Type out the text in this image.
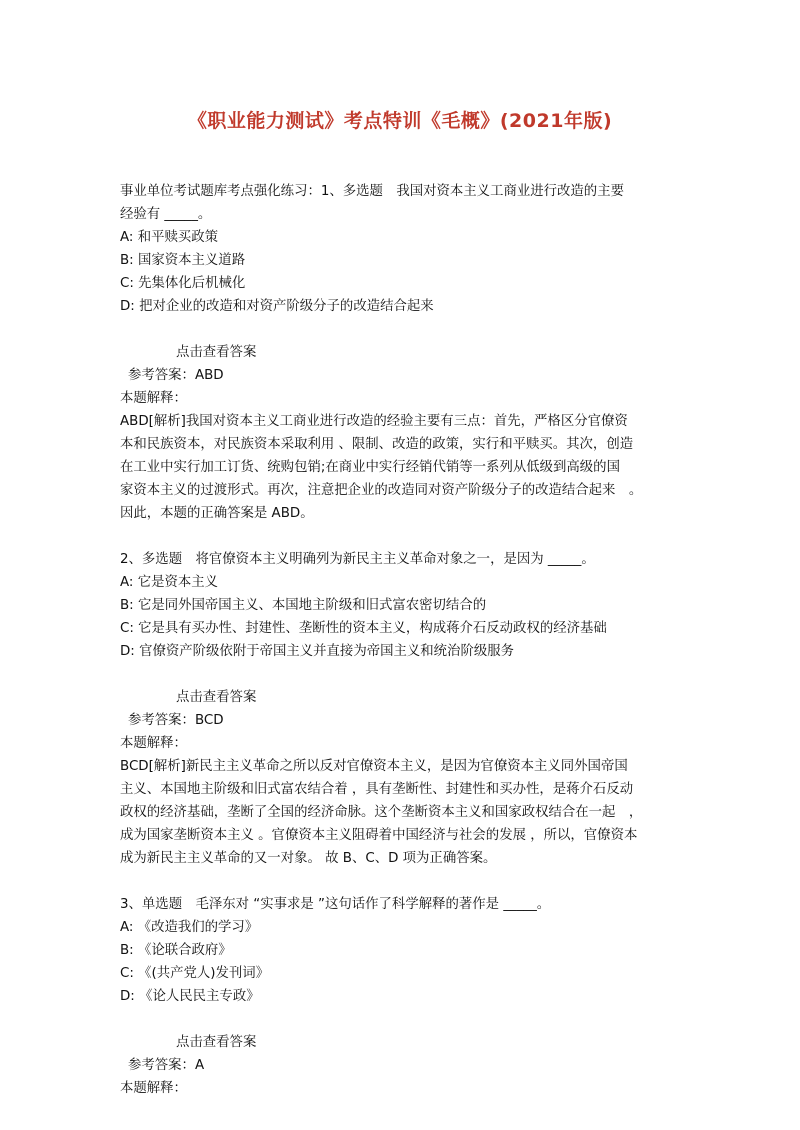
《职业能力测试》考点特训《毛概》(2021年版)
事业单位考试题库考点强化练习：1、多选题　我国对资本主义工商业进行改造的主要
经验有 _____。
A: 和平赎买政策
B: 国家资本主义道路
C: 先集体化后机械化
D: 把对企业的改造和对资产阶级分子的改造结合起来
点击查看答案
参考答案：ABD
本题解释：
ABD[解析]我国对资本主义工商业进行改造的经验主要有三点：首先，严格区分官僚资
本和民族资本，对民族资本采取利用 、限制、改造的政策，实行和平赎买。其次，创造
在工业中实行加工订货、统购包销;在商业中实行经销代销等一系列从低级到高级的国
家资本主义的过渡形式。再次，注意把企业的改造同对资产阶级分子的改造结合起来　。
因此，本题的正确答案是 ABD。
2、多选题　将官僚资本主义明确列为新民主主义革命对象之一，是因为 _____。
A: 它是资本主义
B: 它是同外国帝国主义、本国地主阶级和旧式富农密切结合的
C: 它是具有买办性、封建性、垄断性的资本主义，构成蒋介石反动政权的经济基础
D: 官僚资产阶级依附于帝国主义并直接为帝国主义和统治阶级服务
点击查看答案
参考答案：BCD
本题解释：
BCD[解析]新民主主义革命之所以反对官僚资本主义，是因为官僚资本主义同外国帝国
主义、本国地主阶级和旧式富农结合着 ，具有垄断性、封建性和买办性，是蒋介石反动
政权的经济基础，垄断了全国的经济命脉。这个垄断资本主义和国家政权结合在一起　，
成为国家垄断资本主义 。官僚资本主义阻碍着中国经济与社会的发展 ，所以，官僚资本
成为新民主主义革命的又一对象。 故 B、C、D 项为正确答案。
3、单选题　毛泽东对 “实事求是 ”这句话作了科学解释的著作是 _____。
A: 《改造我们的学习》
B: 《论联合政府》
C: 《(共产党人)发刊词》
D: 《论人民民主专政》
点击查看答案
参考答案：A
本题解释：
